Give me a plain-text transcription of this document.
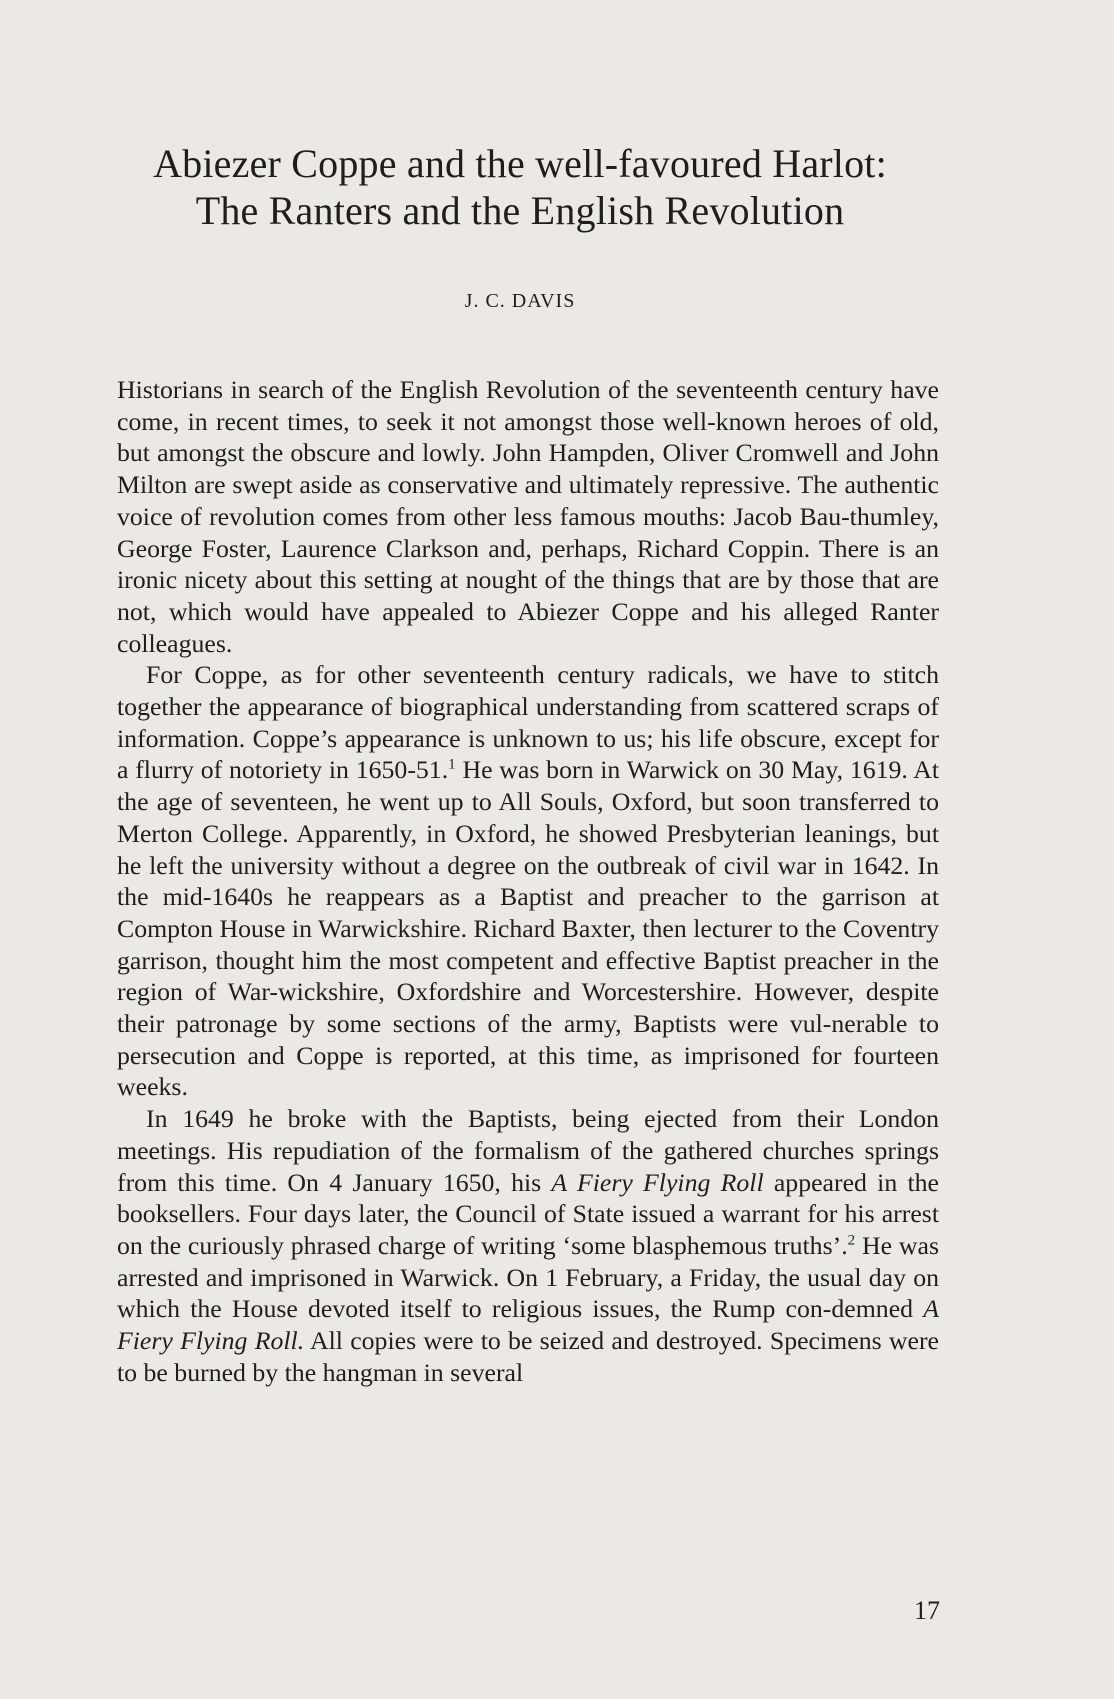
Abiezer Coppe and the well-favoured Harlot:
The Ranters and the English Revolution

J. C. DAVIS

Historians in search of the English Revolution of the seventeenth century have come, in recent times, to seek it not amongst those well-known heroes of old, but amongst the obscure and lowly. John Hampden, Oliver Cromwell and John Milton are swept aside as conservative and ultimately repressive. The authentic voice of revolution comes from other less famous mouths: Jacob Bau-thumley, George Foster, Laurence Clarkson and, perhaps, Richard Coppin. There is an ironic nicety about this setting at nought of the things that are by those that are not, which would have appealed to Abiezer Coppe and his alleged Ranter colleagues.

For Coppe, as for other seventeenth century radicals, we have to stitch together the appearance of biographical understanding from scattered scraps of information. Coppe’s appearance is unknown to us; his life obscure, except for a flurry of notoriety in 1650-51.$^1$ He was born in Warwick on 30 May, 1619. At the age of seventeen, he went up to All Souls, Oxford, but soon transferred to Merton College. Apparently, in Oxford, he showed Presbyterian leanings, but he left the university without a degree on the outbreak of civil war in 1642. In the mid-1640s he reappears as a Baptist and preacher to the garrison at Compton House in Warwickshire. Richard Baxter, then lecturer to the Coventry garrison, thought him the most competent and effective Baptist preacher in the region of War-wickshire, Oxfordshire and Worcestershire. However, despite their patronage by some sections of the army, Baptists were vul-nerable to persecution and Coppe is reported, at this time, as imprisoned for fourteen weeks.

In 1649 he broke with the Baptists, being ejected from their London meetings. His repudiation of the formalism of the gathered churches springs from this time. On 4 January 1650, his A Fiery Flying Roll appeared in the booksellers. Four days later, the Council of State issued a warrant for his arrest on the curiously phrased charge of writing ‘some blasphemous truths’.$^2$ He was arrested and imprisoned in Warwick. On 1 February, a Friday, the usual day on which the House devoted itself to religious issues, the Rump con-demned A Fiery Flying Roll. All copies were to be seized and destroyed. Specimens were to be burned by the hangman in several

17
